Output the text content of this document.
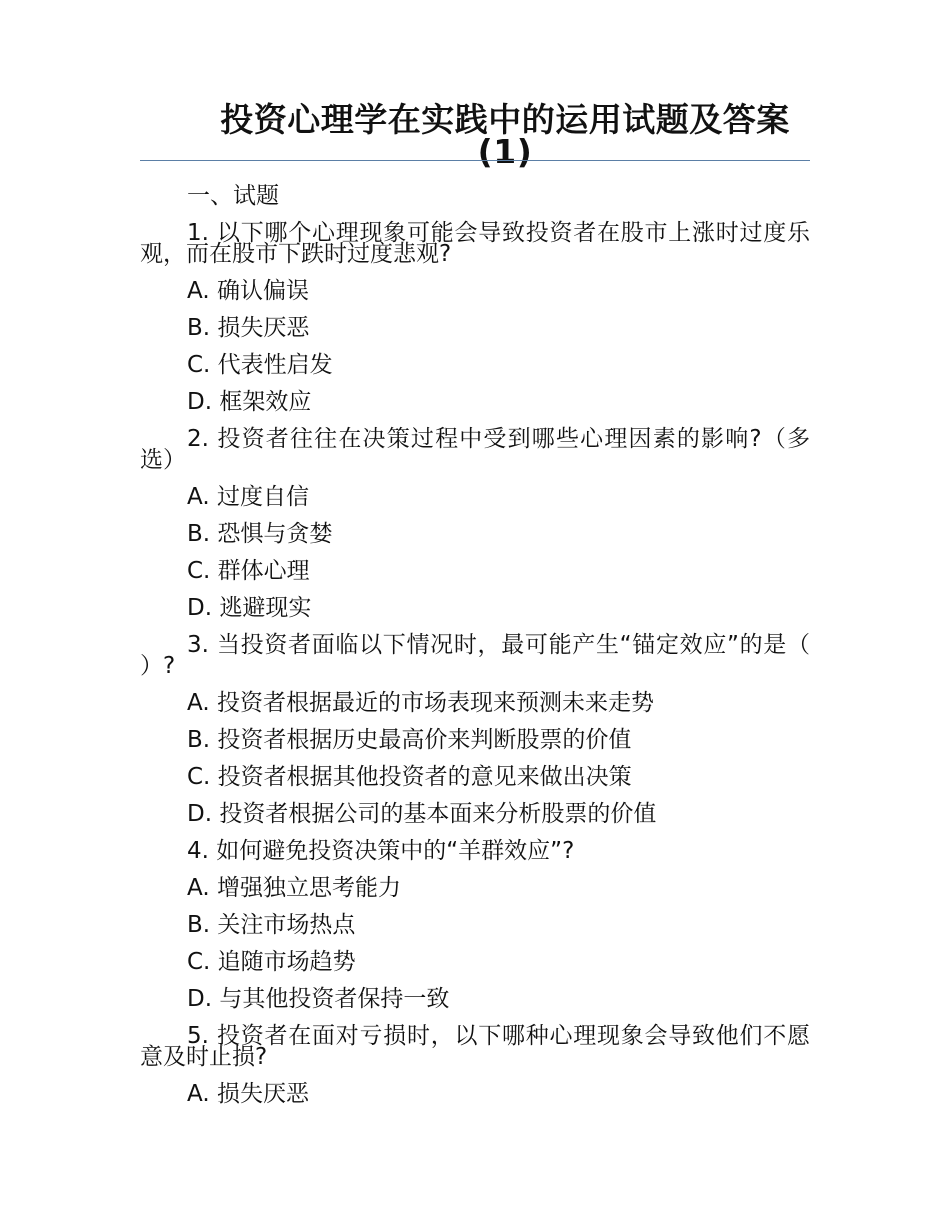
投资心理学在实践中的运用试题及答案(1)
一、试题
1. 以下哪个心理现象可能会导致投资者在股市上涨时过度乐观，而在股市下跌时过度悲观?
A. 确认偏误
B. 损失厌恶
C. 代表性启发
D. 框架效应
2. 投资者往往在决策过程中受到哪些心理因素的影响?（多选）
A. 过度自信
B. 恐惧与贪婪
C. 群体心理
D. 逃避现实
3. 当投资者面临以下情况时，最可能产生“锚定效应”的是（ ）?
A. 投资者根据最近的市场表现来预测未来走势
B. 投资者根据历史最高价来判断股票的价值
C. 投资者根据其他投资者的意见来做出决策
D. 投资者根据公司的基本面来分析股票的价值
4. 如何避免投资决策中的“羊群效应”?
A. 增强独立思考能力
B. 关注市场热点
C. 追随市场趋势
D. 与其他投资者保持一致
5. 投资者在面对亏损时，以下哪种心理现象会导致他们不愿意及时止损?
A. 损失厌恶
